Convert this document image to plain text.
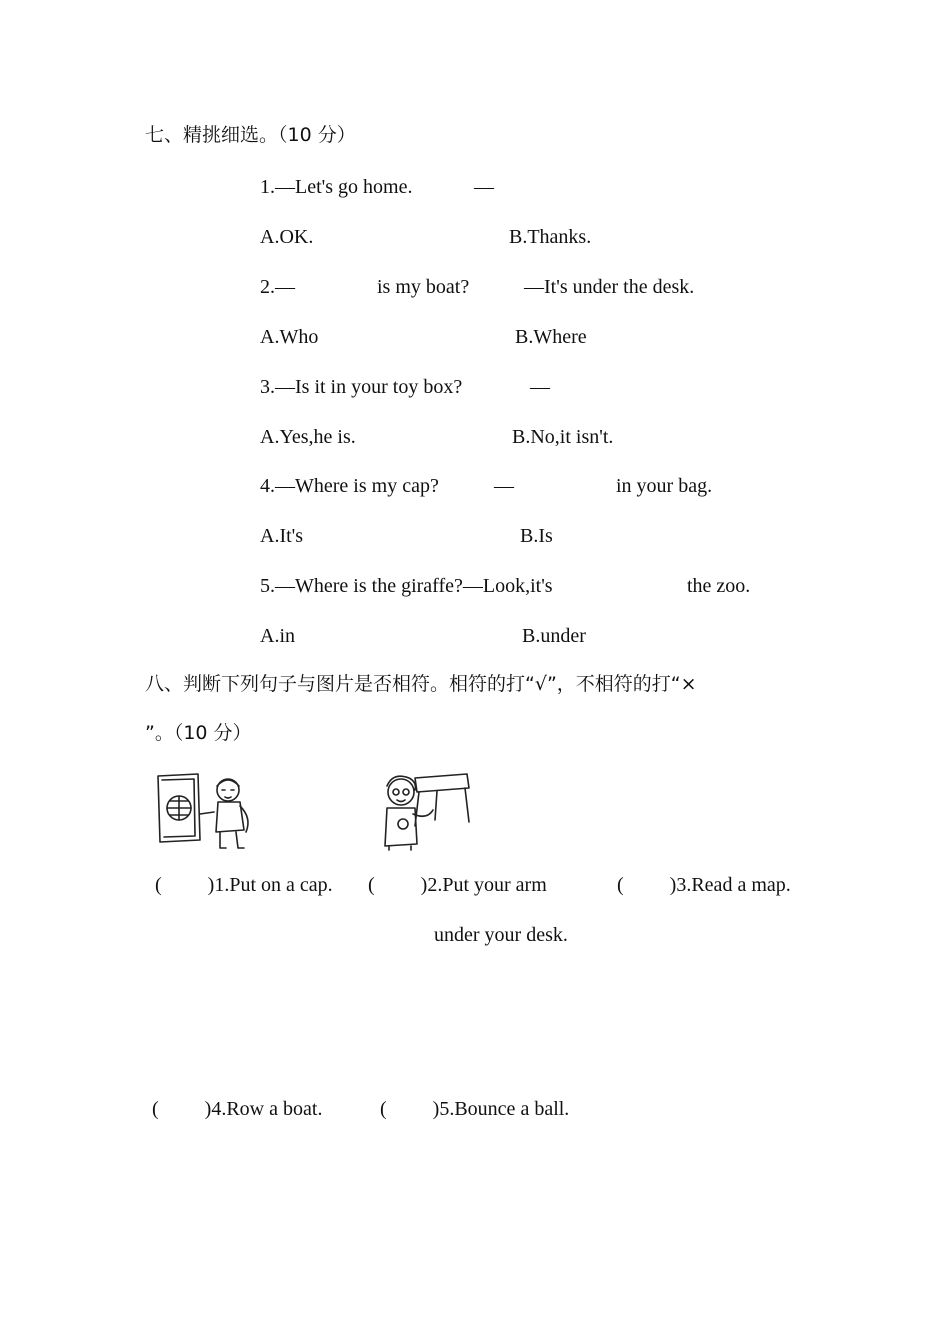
七、精挑细选。（10 分）
1.—Let's go home.	—
A.OK.	B.Thanks.
2.—	is my boat?	—It's under the desk.
A.Who	B.Where
3.—Is it in your toy box?	—
A.Yes,he is.	B.No,it isn't.
4.—Where is my cap?	—	in your bag.
A.It's	B.Is
5.—Where is the giraffe?—Look,it's	the zoo.
A.in	B.under
八、判断下列句子与图片是否相符。相符的打“√”，不相符的打“×
”。（10 分）
( )1.Put on a cap. ( )2.Put your arm
under your desk.
( )3.Read a map.
( )4.Row a boat.	( )5.Bounce a ball.
